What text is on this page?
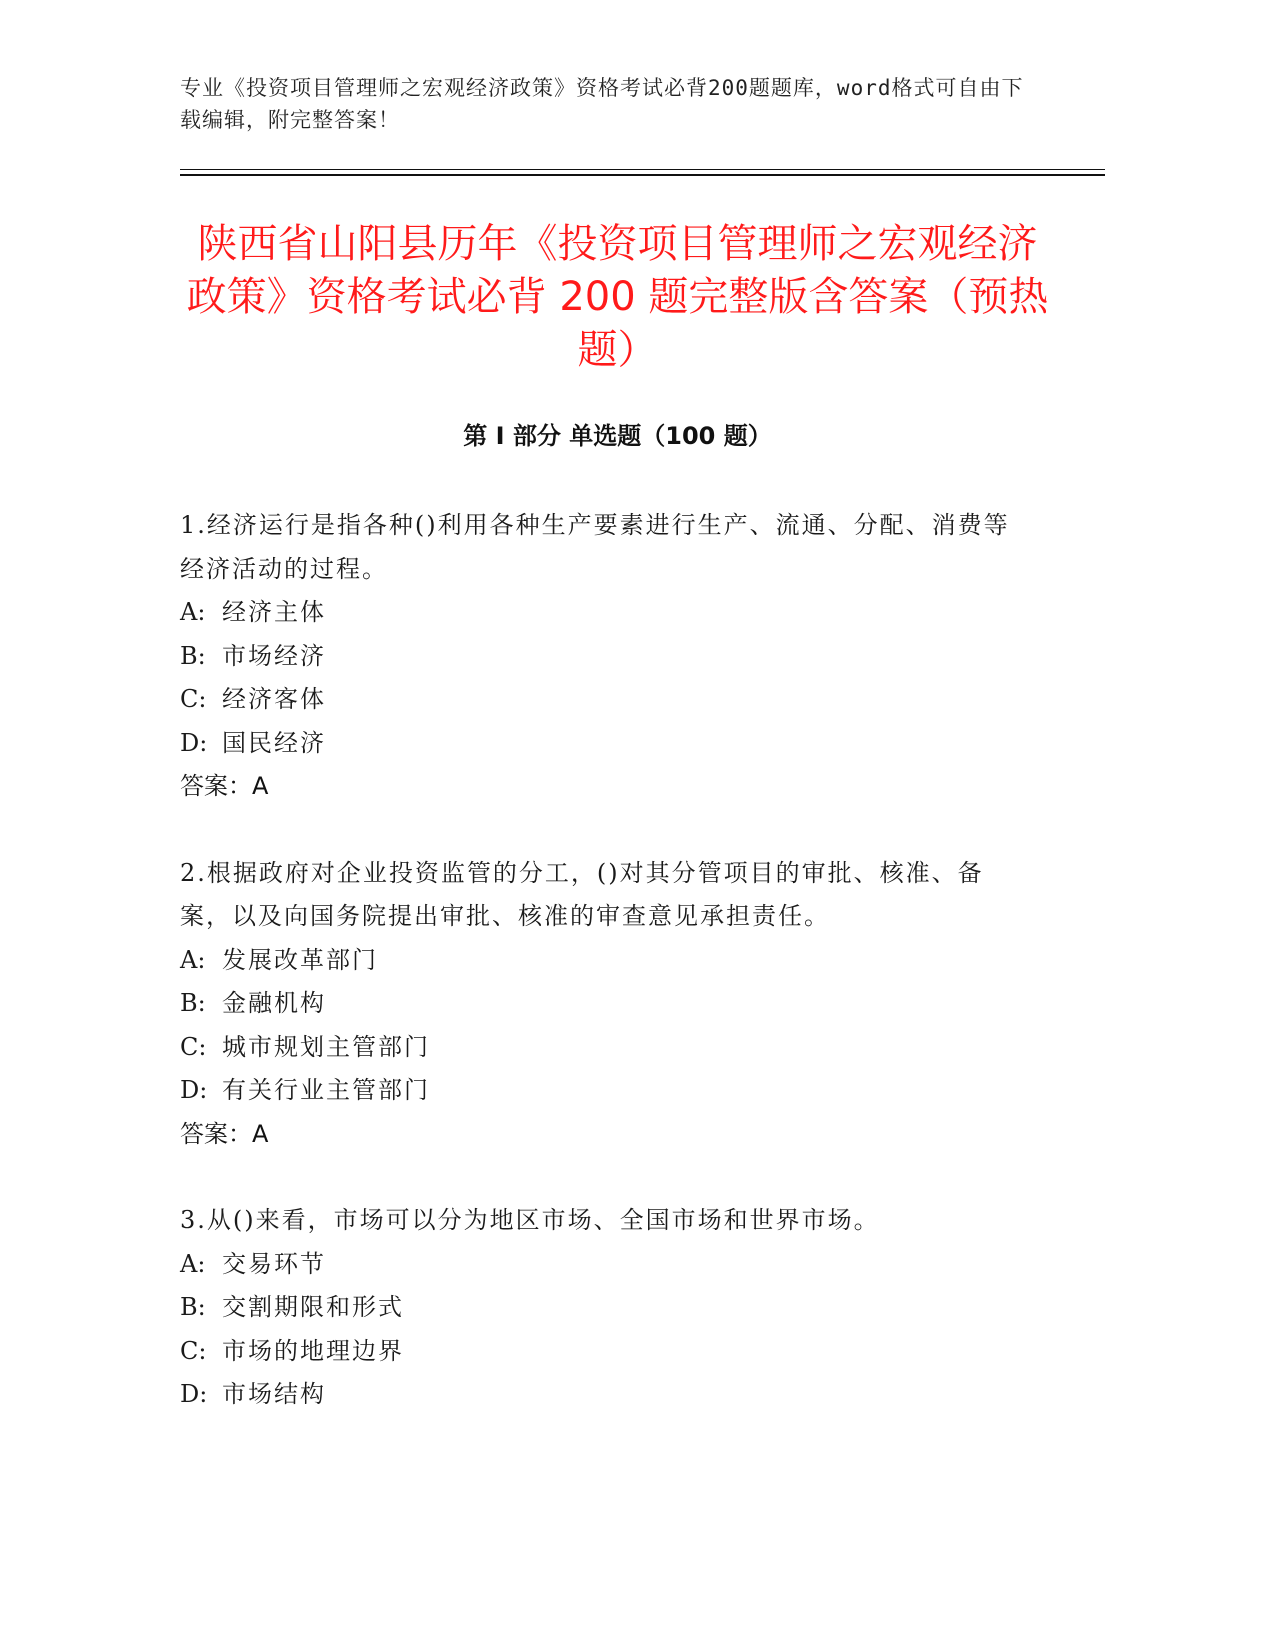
专业《投资项目管理师之宏观经济政策》资格考试必背200题题库，word格式可自由下载编辑，附完整答案！
陕西省山阳县历年《投资项目管理师之宏观经济政策》资格考试必背 200 题完整版含答案（预热题）
第 I 部分 单选题（100 题）
1.经济运行是指各种()利用各种生产要素进行生产、流通、分配、消费等经济活动的过程。
A: 经济主体
B: 市场经济
C: 经济客体
D: 国民经济
答案：A
2.根据政府对企业投资监管的分工，()对其分管项目的审批、核准、备案，以及向国务院提出审批、核准的审查意见承担责任。
A: 发展改革部门
B: 金融机构
C: 城市规划主管部门
D: 有关行业主管部门
答案：A
3.从()来看，市场可以分为地区市场、全国市场和世界市场。
A: 交易环节
B: 交割期限和形式
C: 市场的地理边界
D: 市场结构
